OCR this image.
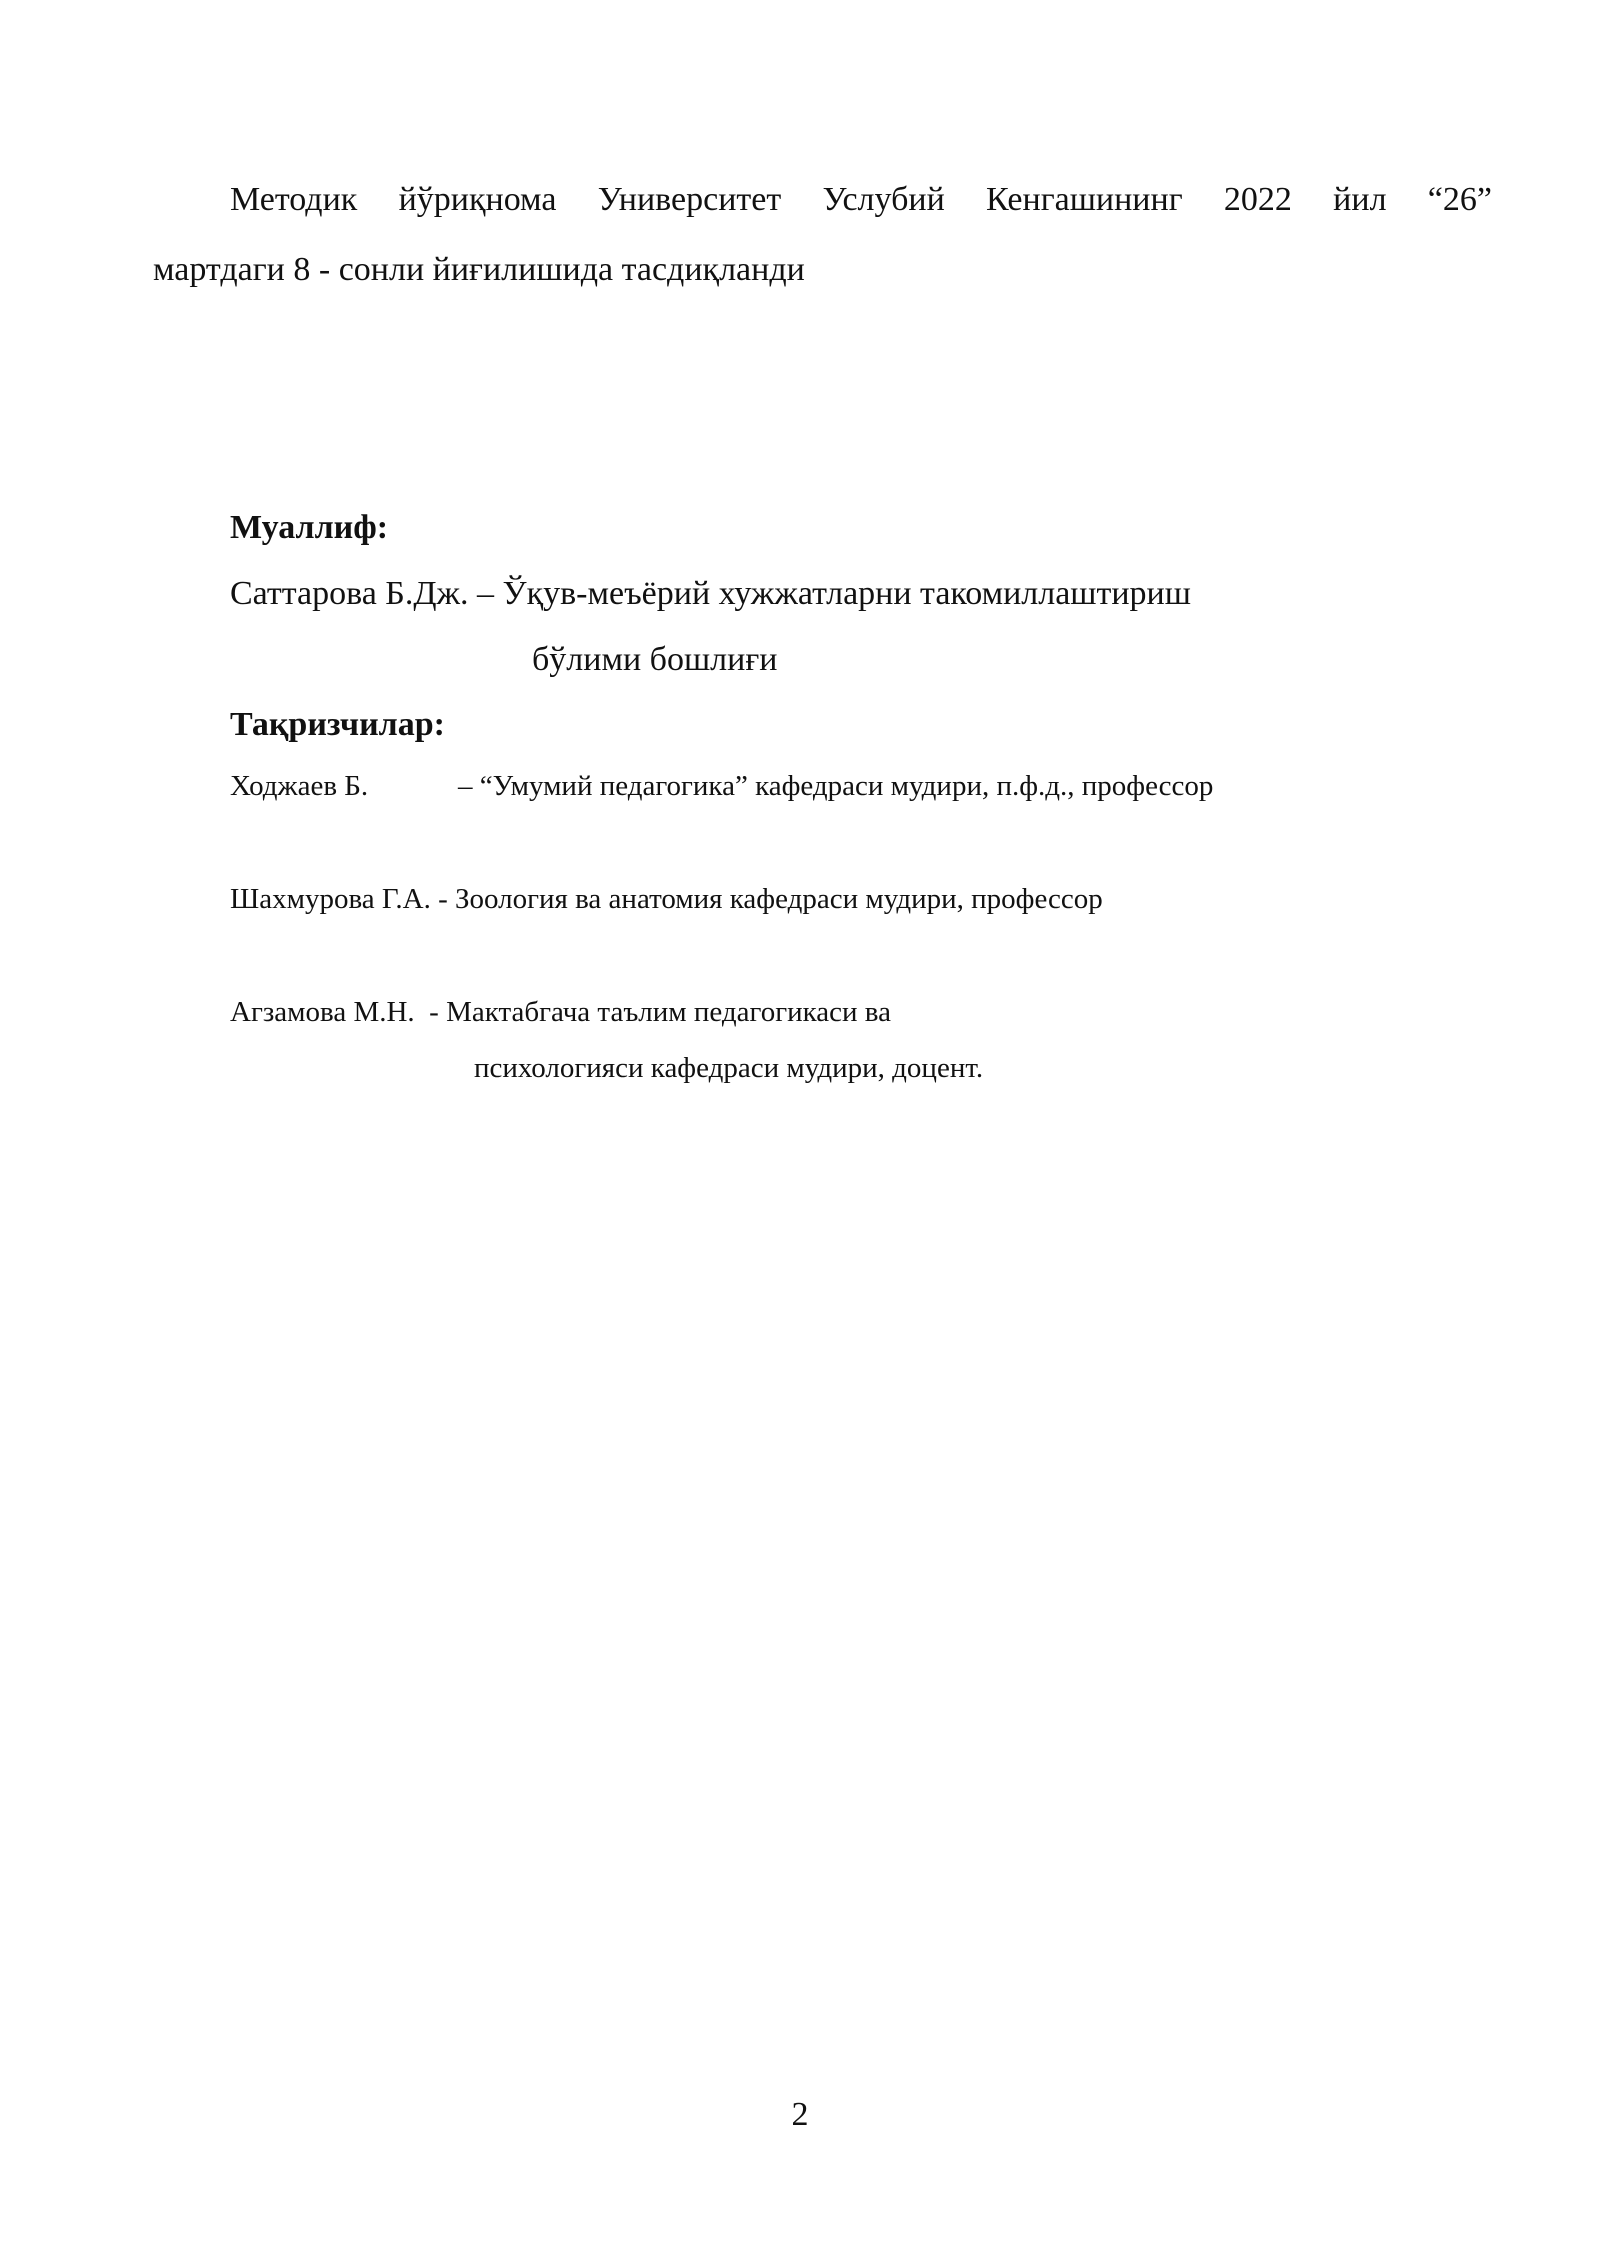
Методик йўриқнома Университет Услубий Кенгашининг 2022 йил “26”
мартдаги 8 - сонли йиғилишида тасдиқланди
Муаллиф:
Саттарова Б.Дж. – Ўқув-меъёрий хужжатларни такомиллаштириш
бўлими бошлиғи
Тақризчилар:
Ходжаев Б.	– “Умумий педагогика” кафедраси мудири, п.ф.д., профессор
Шахмурова Г.А. - Зоология ва анатомия кафедраси мудири, профессор
Агзамова М.Н.  - Мактабгача таълим педагогикаси ва
психологияси кафедраси мудири, доцент.
2
